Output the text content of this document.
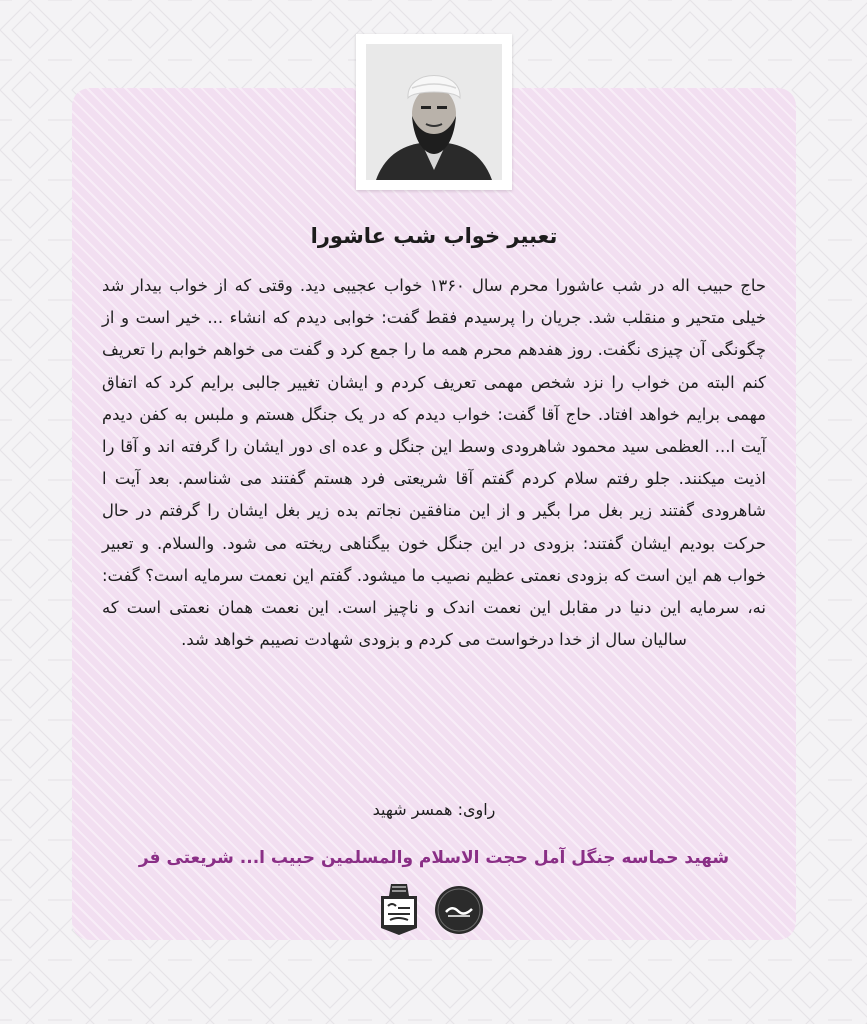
تعبیر خواب شب عاشورا
حاج حبیب اله در شب عاشورا محرم سال ۱۳۶۰ خواب عجیبی دید. وقتی که از خواب بیدار شد خیلی متحیر و منقلب شد. جریان را پرسیدم فقط گفت: خوابی دیدم که انشاء ... خیر است و از چگونگی آن چیزی نگفت. روز هفدهم محرم همه ما را جمع کرد و گفت می خواهم خوابم را تعریف کنم البته من خواب را نزد شخص مهمی تعریف کردم و ایشان تغییر جالبی برایم کرد که اتفاق مهمی برایم خواهد افتاد. حاج آقا گفت: خواب دیدم که در یک جنگل هستم و ملبس به کفن دیدم آیت ا... العظمی سید محمود شاهرودی وسط این جنگل و عده ای دور ایشان را گرفته اند و آقا را اذیت میکنند. جلو رفتم سلام کردم گفتم آقا شریعتی فرد هستم گفتند می شناسم. بعد آیت ا شاهرودی گفتند زیر بغل مرا بگیر و از این منافقین نجاتم بده زیر بغل ایشان را گرفتم در حال حرکت بودیم ایشان گفتند: بزودی در این جنگل خون بیگناهی ریخته می شود. والسلام. و تعبیر خواب هم این است که بزودی نعمتی عظیم نصیب ما میشود. گفتم این نعمت سرمایه است؟ گفت: نه، سرمایه این دنیا در مقابل این نعمت اندک و ناچیز است. این نعمت همان نعمتی است که سالیان سال از خدا درخواست می کردم و بزودی شهادت نصیبم خواهد شد.
راوی: همسر شهید
شهید حماسه جنگل آمل حجت الاسلام والمسلمین حبیب ا... شریعتی فر
